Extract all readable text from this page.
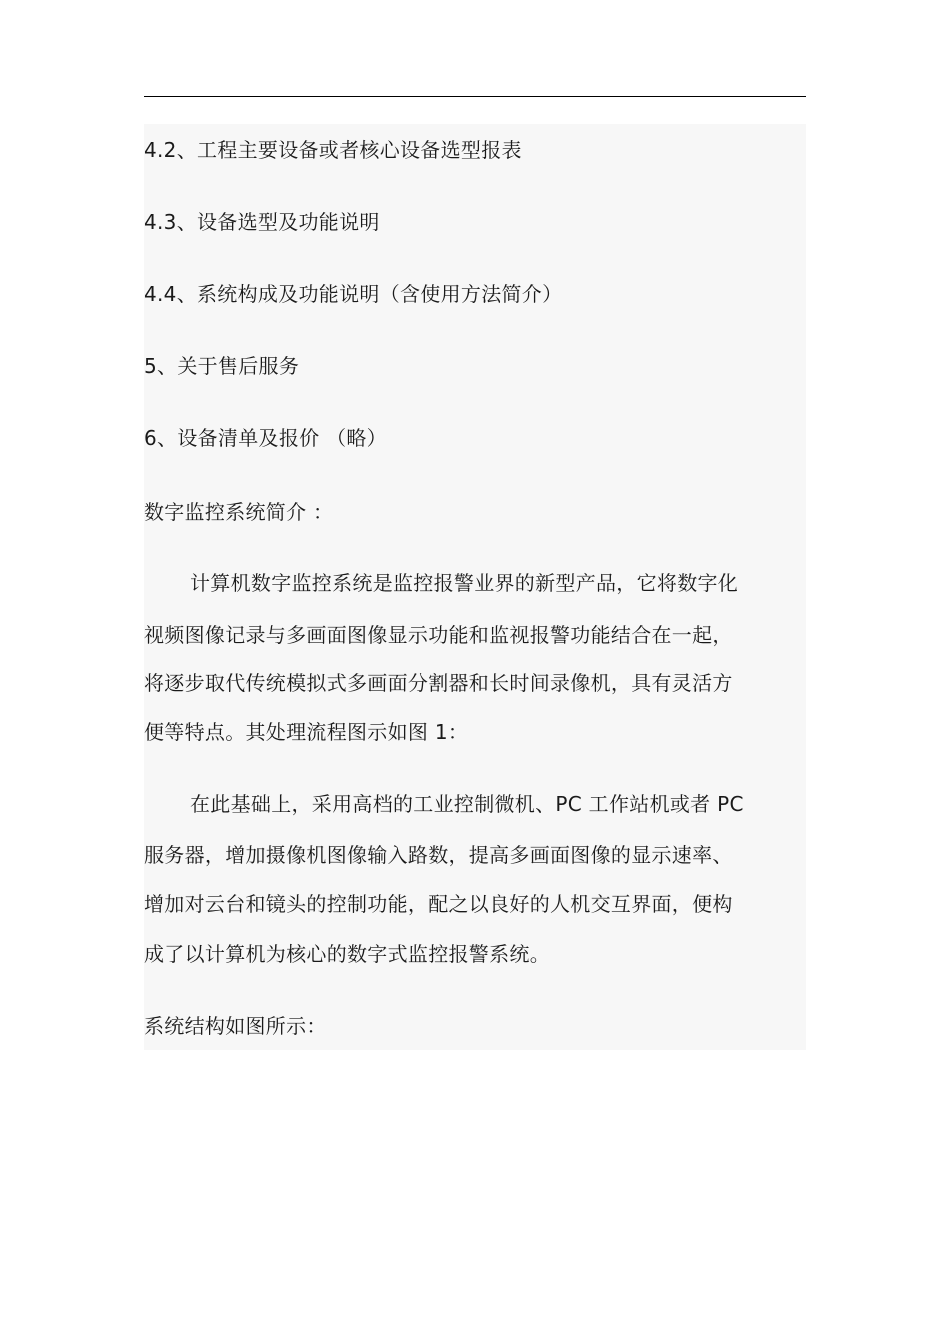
4.2、工程主要设备或者核心设备选型报表
4.3、设备选型及功能说明
4.4、系统构成及功能说明（含使用方法简介）
5、关于售后服务
6、设备清单及报价 （略）
数字监控系统简介 ：
计算机数字监控系统是监控报警业界的新型产品，它将数字化
视频图像记录与多画面图像显示功能和监视报警功能结合在一起，
将逐步取代传统模拟式多画面分割器和长时间录像机，具有灵活方
便等特点。其处理流程图示如图 1：
在此基础上，采用高档的工业控制微机、PC 工作站机或者 PC
服务器，增加摄像机图像输入路数，提高多画面图像的显示速率、
增加对云台和镜头的控制功能，配之以良好的人机交互界面，便构
成了以计算机为核心的数字式监控报警系统。
系统结构如图所示：
